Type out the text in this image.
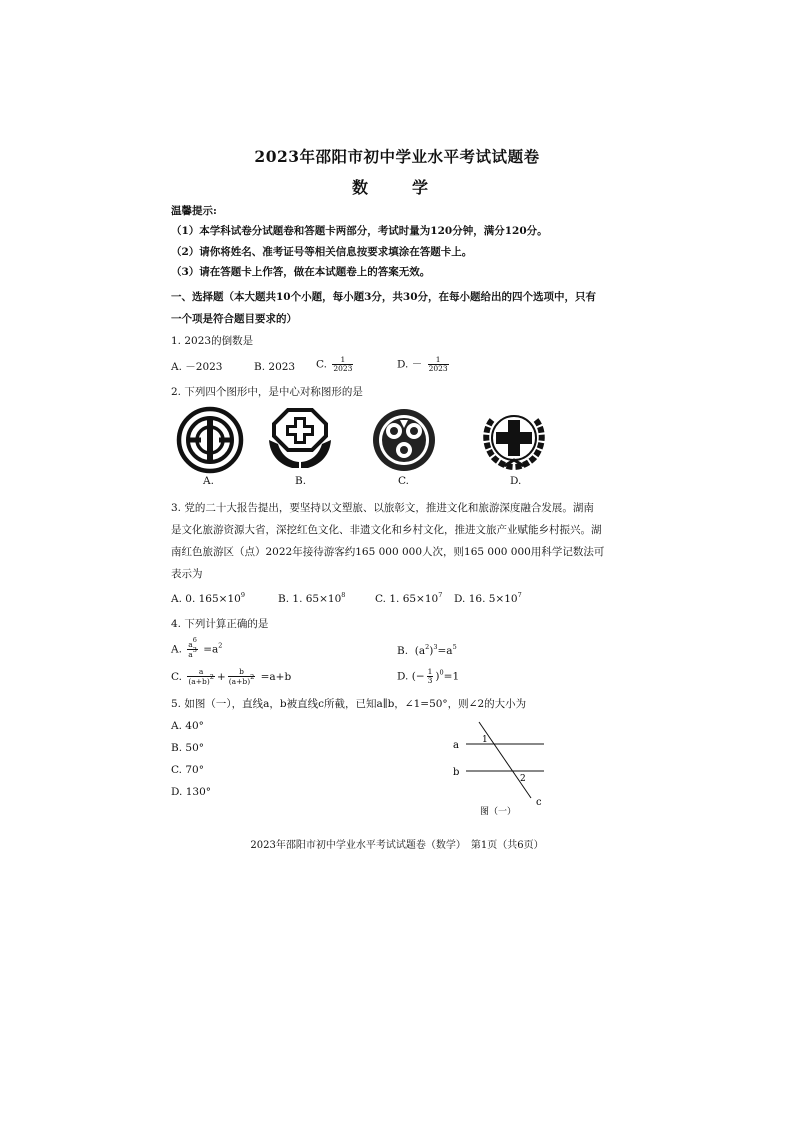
2023年邵阳市初中学业水平考试试题卷
数　学
温馨提示:
（1）本学科试卷分试题卷和答题卡两部分，考试时量为120分钟，满分120分。
（2）请你将姓名、准考证号等相关信息按要求填涂在答题卡上。
（3）请在答题卡上作答，做在本试题卷上的答案无效。
一、选择题（本大题共10个小题，每小题3分，共30分，在每小题给出的四个选项中，只有
一个项是符合题目要求的）
1. 2023的倒数是
A. －2023	B. 2023 C. $\frac{1}{2023}$	D. － $\frac{1}{2023}$
2. 下列四个图形中，是中心对称图形的是
A.	B.	C.	D.
3. 党的二十大报告提出，要坚持以文塑旅、以旅彰文，推进文化和旅游深度融合发展。湖南
是文化旅游资源大省，深挖红色文化、非遗文化和乡村文化，推进文旅产业赋能乡村振兴。湖
南红色旅游区（点）2022年接待游客约165 000 000人次，则165 000 000用科学记数法可
表示为
A. 0. $165\times 10^9$	B. 1. $65\times 10^8$	C. 1. $65\times 10^7$ D. 16. $5\times 10^7$
4. 下列计算正确的是
A. $\frac{a^6}{a^3} =a^2$	B. $(a^2)^3=a^5$
C. $\frac{a}{(a+b)^2} + \frac{b}{(a+b)^2} =a+b$	D. (− $\frac{1}{3} )^0=1$
5. 如图（一），直线a，b被直线c所截，已知a∥b，∠1=50°，则∠2的大小为
A. 40°
B. 50°
C. 70°
D. 130°
a
b
c
1
2
图（一）
2023年邵阳市初中学业水平考试试题卷（数学）　第1页（共6页）
